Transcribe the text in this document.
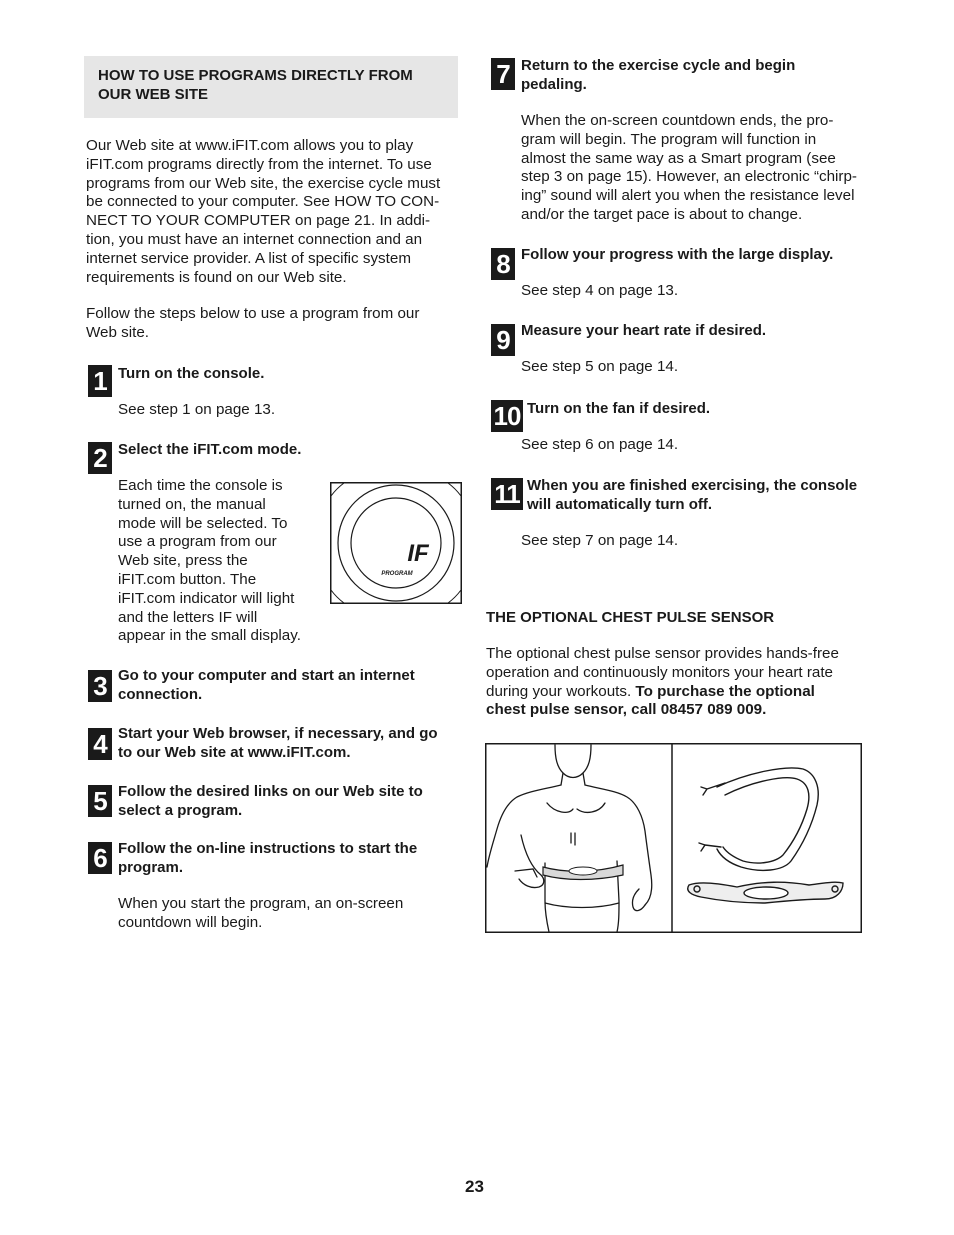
HOW TO USE PROGRAMS DIRECTLY FROM
OUR WEB SITE

Our Web site at www.iFIT.com allows you to play

iFIT.com programs directly from the internet. To use

programs from our Web site, the exercise cycle must

be connected to your computer. See HOW TO CON-

NECT TO YOUR COMPUTER on page 21. In addi-

tion, you must have an internet connection and an

internet service provider. A list of specific system

requirements is found on our Web site.

Follow the steps below to use a program from our

Web site.

1 Turn on the console.

See step 1 on page 13.

2 Select the iFIT.com mode.

Each time the console is

turned on, the manual

mode will be selected. To

use a program from our

Web site, press the

iFIT.com button. The

iFIT.com indicator will light

and the letters IF will

appear in the small display.

IF
PROGRAM
3 Go to your computer and start an internet

connection.

4 Start your Web browser, if necessary, and go

to our Web site at www.iFIT.com.

5 Follow the desired links on our Web site to

select a program.

6 Follow the on-line instructions to start the

program.

When you start the program, an on-screen

countdown will begin.

7 Return to the exercise cycle and begin

pedaling.

When the on-screen countdown ends, the pro-

gram will begin. The program will function in

almost the same way as a Smart program (see

step 3 on page 15). However, an electronic “chirp-

ing” sound will alert you when the resistance level

and/or the target pace is about to change.

8 Follow your progress with the large display.

See step 4 on page 13.

9 Measure your heart rate if desired.

See step 5 on page 14.

10 Turn on the fan if desired.

See step 6 on page 14.

11 When you are finished exercising, the console

will automatically turn off.

See step 7 on page 14.

THE OPTIONAL CHEST PULSE SENSOR

The optional chest pulse sensor provides hands-free

operation and continuously monitors your heart rate

during your workouts. To purchase the optional

chest pulse sensor, call 08457 089 009.

23
